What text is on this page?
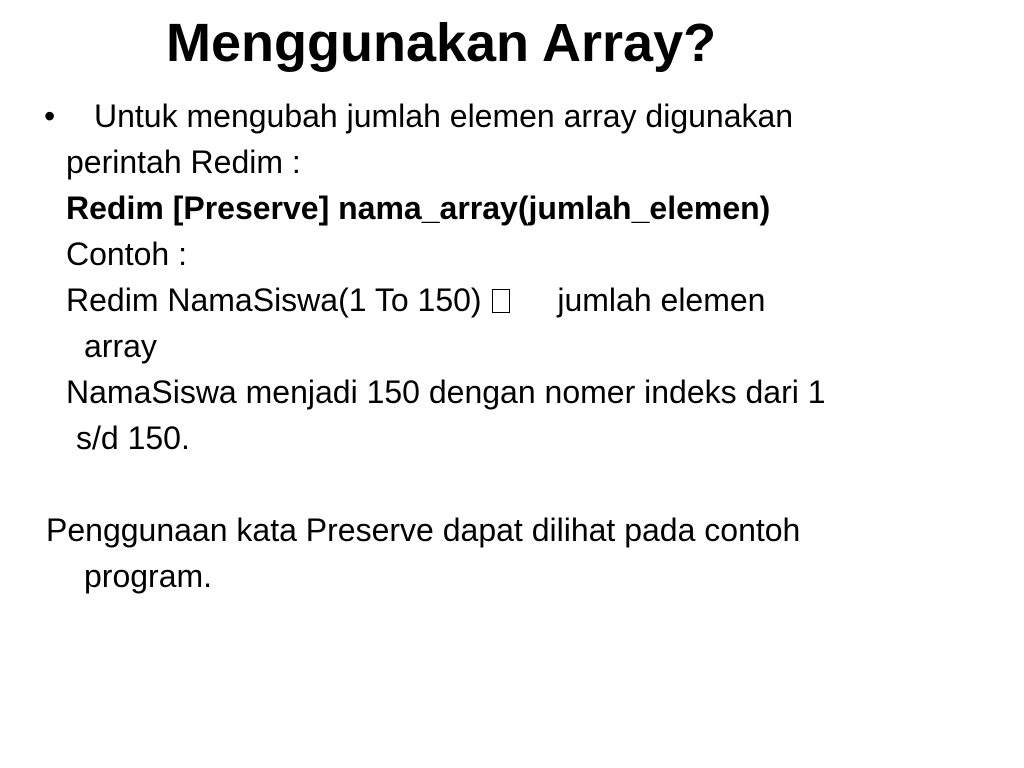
Menggunakan Array?
• Untuk mengubah jumlah elemen array digunakan
perintah Redim :
Redim [Preserve] nama_array(jumlah_elemen)
Contoh :
Redim NamaSiswa(1 To 150) jumlah elemen
array
NamaSiswa menjadi 150 dengan nomer indeks dari 1
s/d 150.
Penggunaan kata Preserve dapat dilihat pada contoh
program.
